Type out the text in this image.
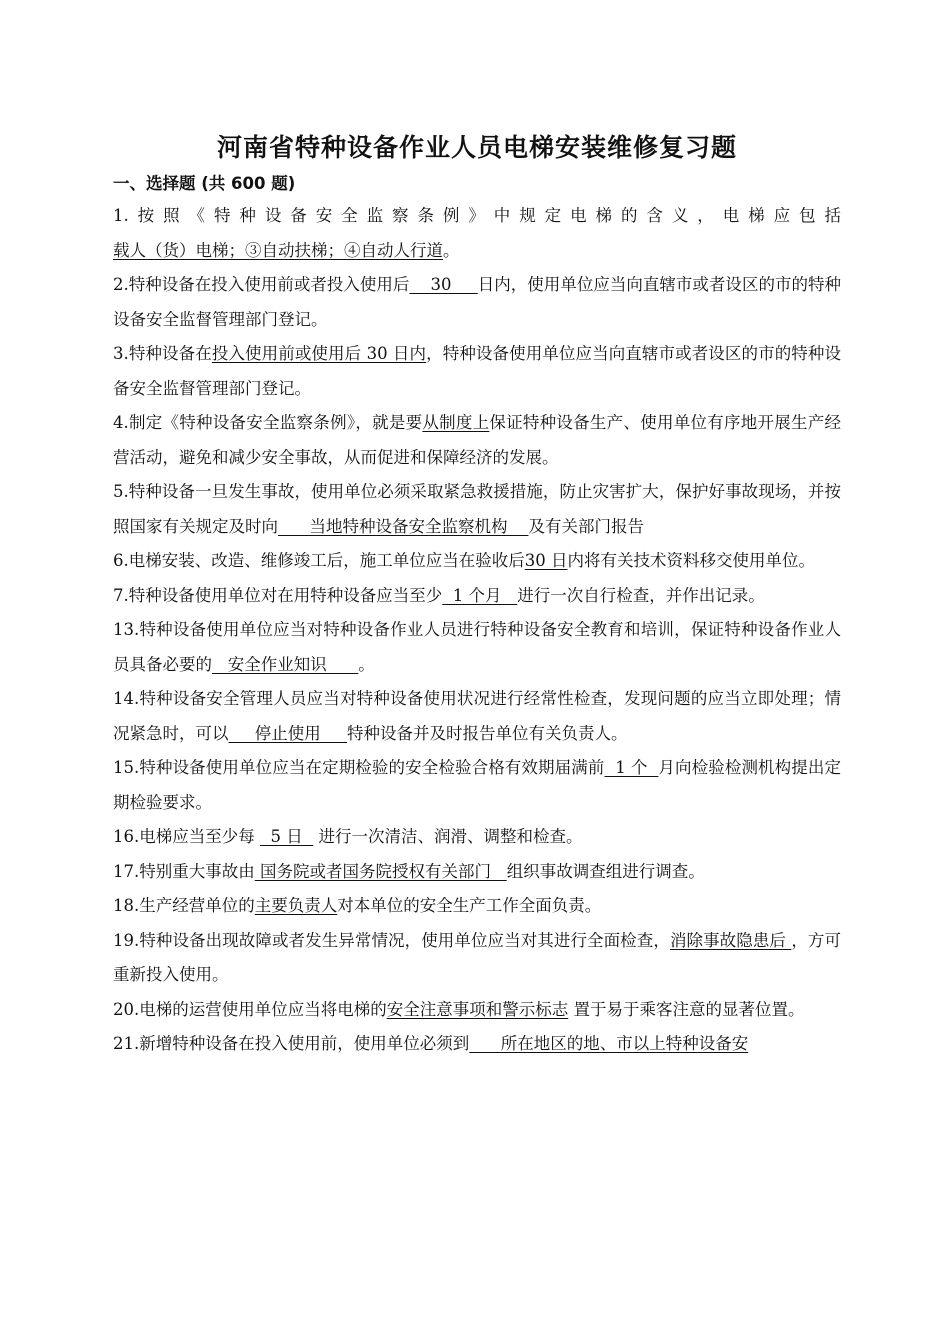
河南省特种设备作业人员电梯安装维修复习题
一、选择题 (共 600 题)

1.按照《特种设备安全监察条例》中规定电梯的含义，电梯应包括载人（货）电梯；③自动扶梯；④自动人行道。

2.特种设备在投入使用前或者投入使用后    30     日内，使用单位应当向直辖市或者设区的市的特种设备安全监督管理部门登记。

3.特种设备在投入使用前或使用后 30 日内，特种设备使用单位应当向直辖市或者设区的市的特种设备安全监督管理部门登记。

4.制定《特种设备安全监察条例》，就是要从制度上保证特种设备生产、使用单位有序地开展生产经营活动，避免和减少安全事故，从而促进和保障经济的发展。

5.特种设备一旦发生事故，使用单位必须采取紧急救援措施，防止灾害扩大，保护好事故现场，并按照国家有关规定及时向      当地特种设备安全监察机构    及有关部门报告

6.电梯安装、改造、维修竣工后，施工单位应当在验收后30 日内将有关技术资料移交使用单位。

7.特种设备使用单位对在用特种设备应当至少  1 个月   进行一次自行检查，并作出记录。

13.特种设备使用单位应当对特种设备作业人员进行特种设备安全教育和培训，保证特种设备作业人员具备必要的   安全作业知识      。

14.特种设备安全管理人员应当对特种设备使用状况进行经常性检查，发现问题的应当立即处理；情况紧急时，可以     停止使用     特种设备并及时报告单位有关负责人。

15.特种设备使用单位应当在定期检验的安全检验合格有效期届满前  1 个  月向检验检测机构提出定期检验要求。

16.电梯应当至少每   5 日   进行一次清洁、润滑、调整和检查。

17.特别重大事故由 国务院或者国务院授权有关部门   组织事故调查组进行调查。

18.生产经营单位的主要负责人对本单位的安全生产工作全面负责。

19.特种设备出现故障或者发生异常情况，使用单位应当对其进行全面检查，消除事故隐患后 ，方可重新投入使用。

20.电梯的运营使用单位应当将电梯的安全注意事项和警示标志 置于易于乘客注意的显著位置。

21.新增特种设备在投入使用前，使用单位必须到      所在地区的地、市以上特种设备安
